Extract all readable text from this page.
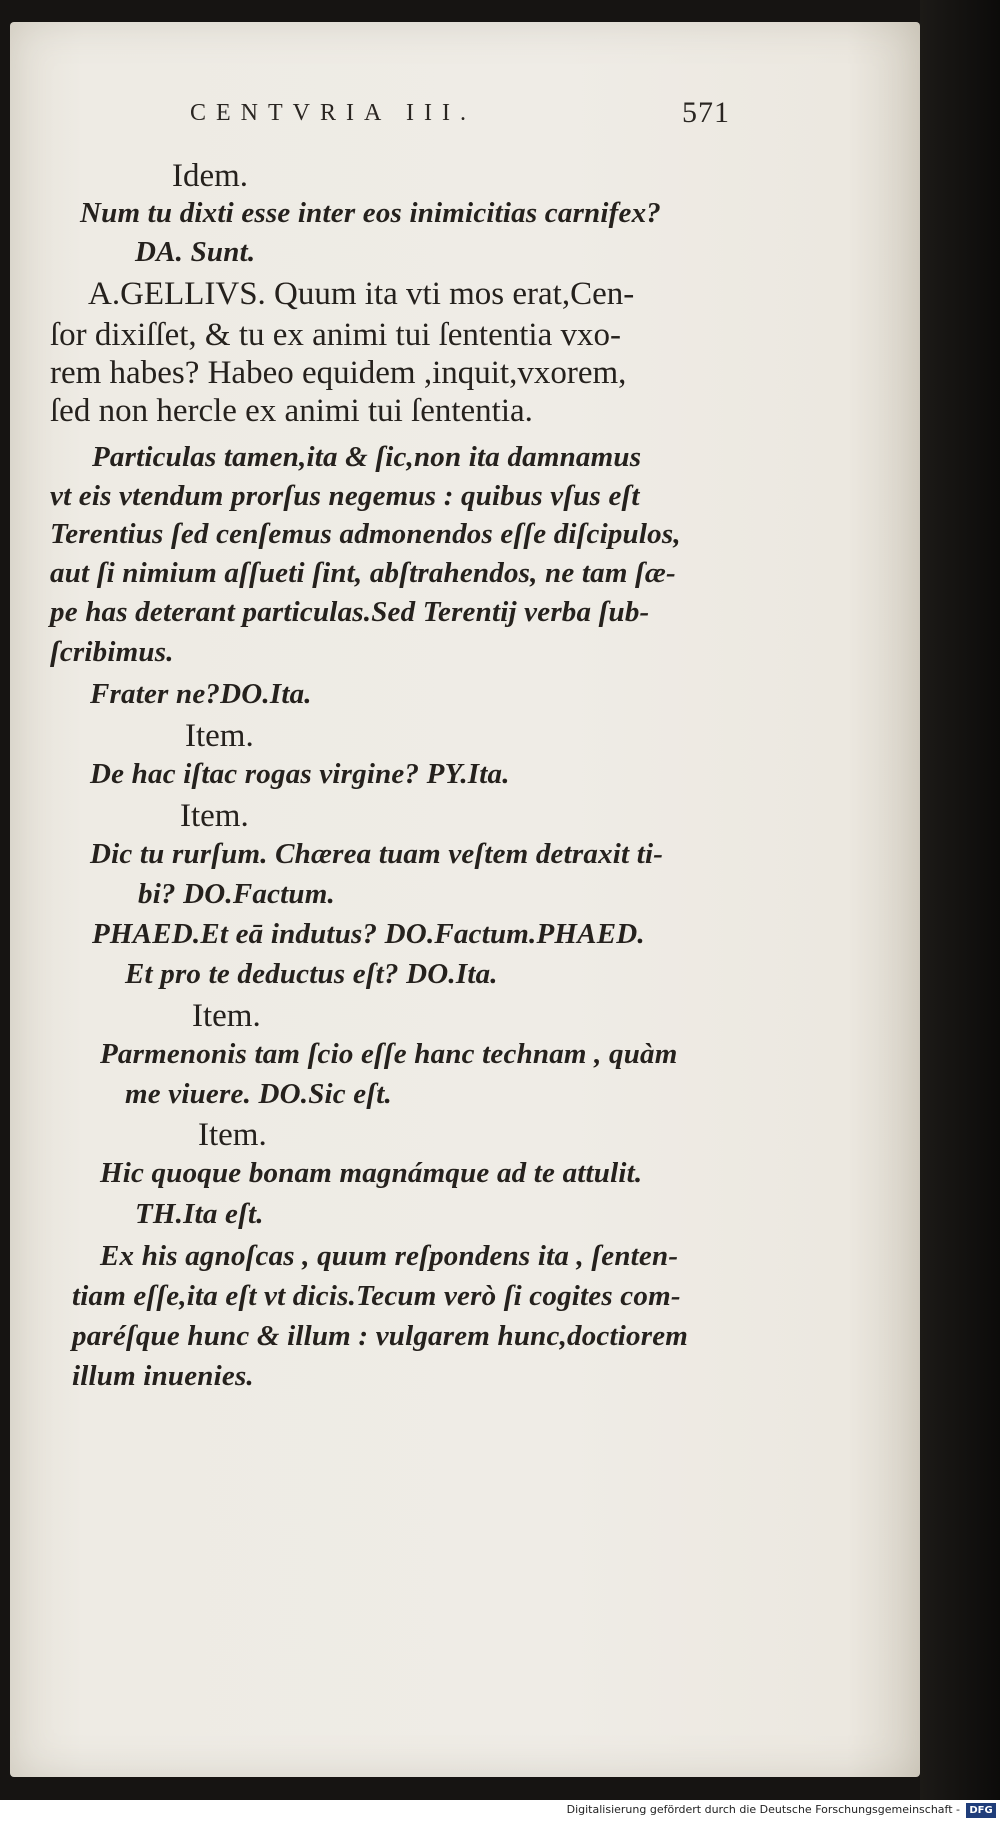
CENTVRIA III.	571
Idem.
Num tu dixti esse inter eos inimicitias carnifex?
DA. Sunt.
A.GELLIVS. Quum ita vti mos erat,Cen-
ſor dixiſſet, & tu ex animi tui ſententia vxo-
rem habes? Habeo equidem ,inquit,vxorem,
ſed non hercle ex animi tui ſententia.
Particulas tamen,ita & ſic,non ita damnamus
vt eis vtendum prorſus negemus : quibus vſus eſt
Terentius ſed cenſemus admonendos eſſe diſcipulos,
aut ſi nimium aſſueti ſint, abſtrahendos, ne tam ſæ-
pe has deterant particulas.Sed Terentij verba ſub-
ſcribimus.
Frater ne?DO.Ita.
Item.
De hac iſtac rogas virgine? PY.Ita.
Item.
Dic tu rurſum. Chærea tuam veſtem detraxit ti-
bi? DO.Factum.
PHAED.Et eā indutus? DO.Factum.PHAED.
Et pro te deductus eſt? DO.Ita.
Item.
Parmenonis tam ſcio eſſe hanc technam , quàm
me viuere. DO.Sic eſt.
Item.
Hic quoque bonam magnámque ad te attulit.
TH.Ita eſt.
Ex his agnoſcas , quum reſpondens ita , ſenten-
tiam eſſe,ita eſt vt dicis.Tecum verò ſi cogites com-
paréſque hunc & illum : vulgarem hunc,doctiorem
illum inuenies.
Digitalisierung gefördert durch die Deutsche Forschungsgemeinschaft - DFG
